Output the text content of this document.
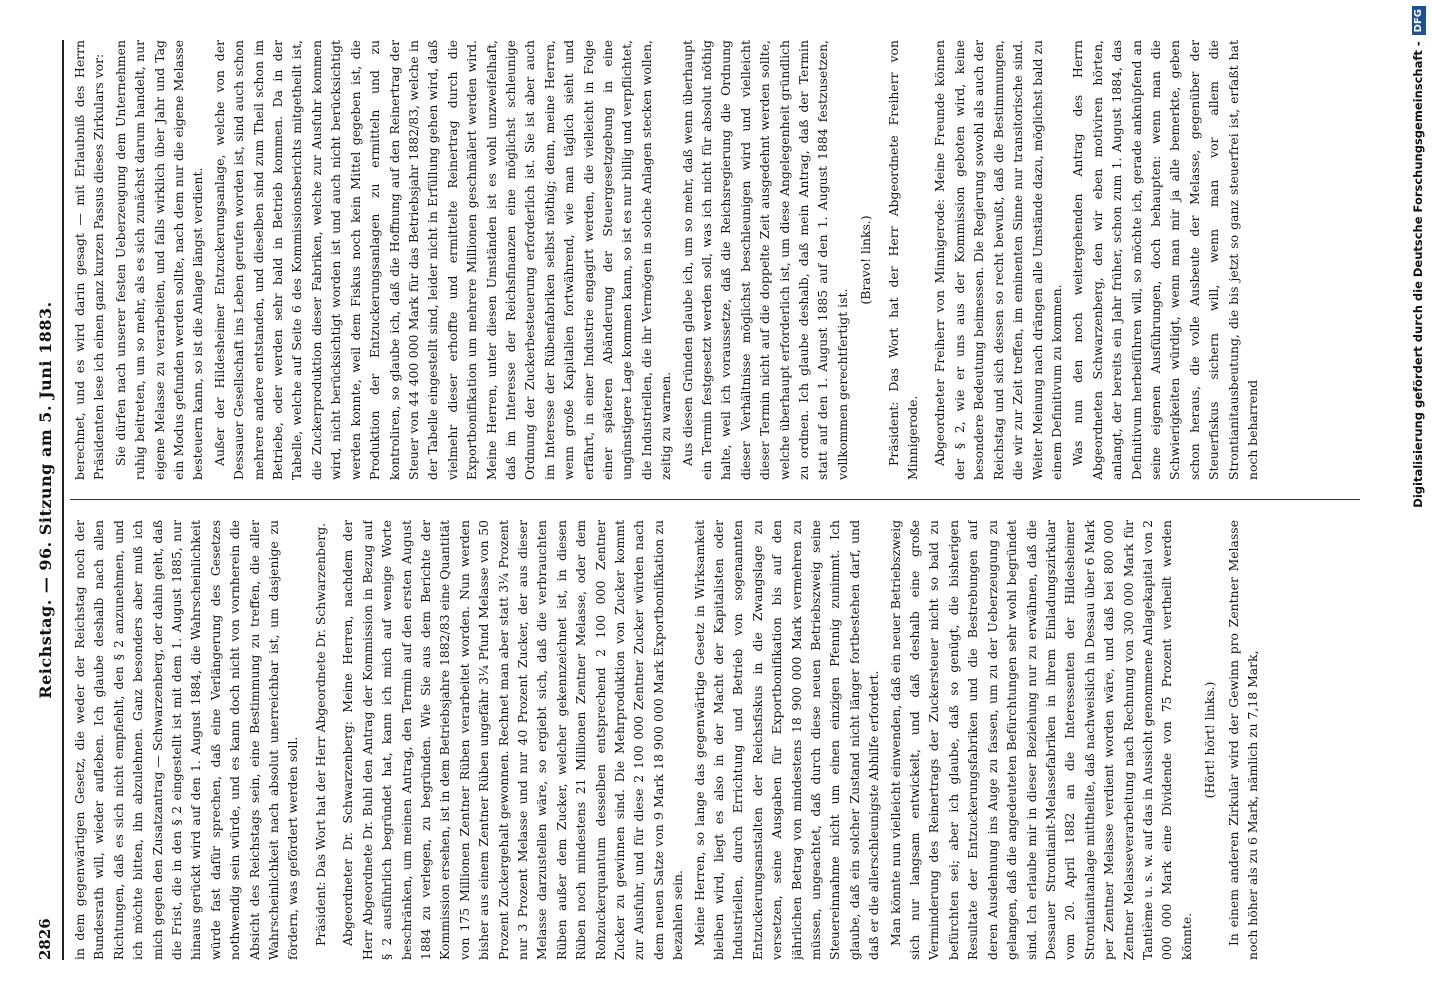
2826
Reichstag. — 96. Sitzung am 5. Juni 1883.

in dem gegenwärtigen Gesetz, die weder der Reichstag noch der Bundesrath will, wieder aufleben. Ich glaube deshalb nach allen Richtungen, daß es sich nicht empfiehlt, den § 2 anzunehmen, und ich möchte bitten, ihn abzulehnen. Ganz besonders aber muß ich mich gegen den Zusatzantrag — Schwarzenberg, der dahin geht, daß die Frist, die in den § 2 eingestellt ist mit dem 1. August 1885, nur hinaus gerückt wird auf den 1. August 1884, die Wahrscheinlichkeit würde fast dafür sprechen, daß eine Verlängerung des Gesetzes nothwendig sein würde, und es kann doch nicht von vornherein die Absicht des Reichstags sein, eine Bestimmung zu treffen, die aller Wahrscheinlichkeit nach absolut unerreichbar ist, um dasjenige zu fördern, was gefördert werden soll. Präsident: Das Wort hat der Herr Abgeordnete Dr. Schwarzenberg. Abgeordneter Dr. Schwarzenberg: Meine Herren, nachdem der Herr Abgeordnete Dr. Buhl den Antrag der Kommission in Bezug auf § 2 ausführlich begründet hat, kann ich mich auf wenige Worte beschränken, um meinen Antrag, den Termin auf den ersten August 1884 zu verlegen, zu begründen. Wie Sie aus dem Berichte der Kommission ersehen, ist in dem Betriebsjahre 1882/83 eine Quantität von 175 Millionen Zentner Rüben verarbeitet worden. Nun werden bisher aus einem Zentner Rüben ungefähr 3¼ Pfund Melasse von 50 Prozent Zuckergehalt gewonnen. Rechnet man aber statt 3¼ Prozent nur 3 Prozent Melasse und nur 40 Prozent Zucker, der aus dieser Melasse darzustellen wäre, so ergiebt sich, daß die verbrauchten Rüben außer dem Zucker, welcher gekennzeichnet ist, in diesen Rüben noch mindestens 21 Millionen Zentner Melasse, oder dem Rohzuckerquantum desselben entsprechend 2 100 000 Zentner Zucker zu gewinnen sind. Die Mehrproduktion von Zucker kommt zur Ausfuhr, und für diese 2 100 000 Zentner Zucker würden nach dem neuen Satze von 9 Mark 18 900 000 Mark Exportbonifikation zu bezahlen sein. Meine Herren, so lange das gegenwärtige Gesetz in Wirksamkeit bleiben wird, liegt es also in der Macht der Kapitalisten oder Industriellen, durch Errichtung und Betrieb von sogenannten Entzuckerungsanstalten der Reichsfiskus in die Zwangslage zu versetzen, seine Ausgaben für Exportbonifikation bis auf den jährlichen Betrag von mindestens 18 900 000 Mark vermehren zu müssen, ungeachtet, daß durch diese neuen Betriebszweig seine Steuereinnahme nicht um einen einzigen Pfennig zunimmt. Ich glaube, daß ein solcher Zustand nicht länger fortbestehen darf, und daß er die allerschleunigste Abhilfe erfordert. Man könnte nun vielleicht einwenden, daß ein neuer Betriebszweig sich nur langsam entwickelt, und daß deshalb eine große Verminderung des Reinertrags der Zuckersteuer nicht so bald zu befürchten sei; aber ich glaube, daß so genügt, die bisherigen Resultate der Entzuckerungsfabriken und die Bestrebungen auf deren Ausdehnung ins Auge zu fassen, um zu der Ueberzeugung zu gelangen, daß die angedeuteten Befürchtungen sehr wohl begründet sind. Ich erlaube mir in dieser Beziehung nur zu erwähnen, daß die Dessauer Strontianit-Melassefabriken in ihrem Einladungszirkular vom 20. April 1882 an die Interessenten der Hildesheimer Strontianitanlage mittheilte, daß nachweislich in Dessau über 6 Mark per Zentner Melasse verdient worden wäre, und daß bei 800 000 Zentner Melasseverarbeitung nach Rechnung von 300 000 Mark für Tantième u. s. w. auf das in Aussicht genommene Anlagekapital von 2 000 000 Mark eine Dividende von 75 Prozent vertheilt werden könnte.

(Hört! hört! links.) In einem anderen Zirkular wird der Gewinn pro Zentner Melasse noch höher als zu 6 Mark, nämlich zu 7,18 Mark,

berechnet, und es wird darin gesagt — mit Erlaubniß des Herrn Präsidenten lese ich einen ganz kurzen Passus dieses Zirkulars vor: Sie dürfen nach unserer festen Ueberzeugung dem Unternehmen ruhig beitreten, um so mehr, als es sich zunächst darum handelt, nur eigene Melasse zu verarbeiten, und falls wirklich über Jahr und Tag ein Modus gefunden werden sollte, nach dem nur die eigene Melasse besteuern kann, so ist die Anlage längst verdient. Außer der Hildesheimer Entzuckerungsanlage, welche von der Dessauer Gesellschaft ins Leben gerufen worden ist, sind auch schon mehrere andere entstanden, und dieselben sind zum Theil schon im Betriebe, oder werden sehr bald in Betrieb kommen. Da in der Tabelle, welche auf Seite 6 des Kommissionsberichts mitgetheilt ist, die Zuckerproduktion dieser Fabriken, welche zur Ausfuhr kommen wird, nicht berücksichtigt worden ist und auch nicht berücksichtigt werden konnte, weil dem Fiskus noch kein Mittel gegeben ist, die Produktion der Entzuckerungsanlagen zu ermitteln und zu kontroliren, so glaube ich, daß die Hoffnung auf den Reinertrag der Steuer von 44 400 000 Mark für das Betriebsjahr 1882/83, welche in der Tabelle eingestellt sind, leider nicht in Erfüllung gehen wird, daß vielmehr dieser erhoffte und ermittelte Reinertrag durch die Exportbonifikation um mehrere Millionen geschmälert werden wird. Meine Herren, unter diesen Umständen ist es wohl unzweifelhaft, daß im Interesse der Reichsfinanzen eine möglichst schleunige Ordnung der Zuckerbesteuerung erforderlich ist. Sie ist aber auch im Interesse der Rübenfabriken selbst nöthig; denn, meine Herren, wenn große Kapitalien fortwährend, wie man täglich sieht und erfährt, in einer Industrie engagirt werden, die vielleicht in Folge einer späteren Abänderung der Steuergesetzgebung in eine ungünstigere Lage kommen kann, so ist es nur billig und verpflichtet, die Industriellen, die ihr Vermögen in solche Anlagen stecken wollen, zeitig zu warnen. Aus diesen Gründen glaube ich, um so mehr, daß wenn überhaupt ein Termin festgesetzt werden soll, was ich nicht für absolut nöthig halte, weil ich voraussetze, daß die Reichsregierung die Ordnung dieser Verhältnisse möglichst beschleunigen wird und vielleicht dieser Termin nicht auf die doppelte Zeit ausgedehnt werden sollte, welche überhaupt erforderlich ist, um diese Angelegenheit gründlich zu ordnen. Ich glaube deshalb, daß mein Antrag, daß der Termin statt auf den 1. August 1885 auf den 1. August 1884 festzusetzen, vollkommen gerechtfertigt ist.

(Bravo! links.) Präsident: Das Wort hat der Herr Abgeordnete Freiherr von Minnigerode. Abgeordneter Freiherr von Minnigerode: Meine Freunde können der § 2, wie er uns aus der Kommission geboten wird, keine besondere Bedeutung beimessen. Die Regierung sowohl als auch der Reichstag und sich dessen so recht bewußt, daß die Bestimmungen, die wir zur Zeit treffen, im eminenten Sinne nur transitorische sind. Weiter Meinung nach drängen alle Umstände dazu, möglichst bald zu einem Definitivum zu kommen. Was nun den noch weitergehenden Antrag des Herrn Abgeordneten Schwarzenberg, den wir eben motiviren hörten, anlangt, der bereits ein Jahr früher, schon zum 1. August 1884, das Definitivum herbeiführen will, so möchte ich, gerade anknüpfend an seine eigenen Ausführungen, doch behaupten: wenn man die Schwierigkeiten würdigt, wenn man mir ja alle bemerkte, geben schon heraus, die volle Ausbeute der Melasse, gegenüber der Steuerfiskus sichern will, wenn man vor allem die Strontianitausbeutung, die bis jetzt so ganz steuerfrei ist, erfaßt hat noch beharrend	Digitalisierung gefördert durch die Deutsche Forschungsgemeinschaft -DFG
